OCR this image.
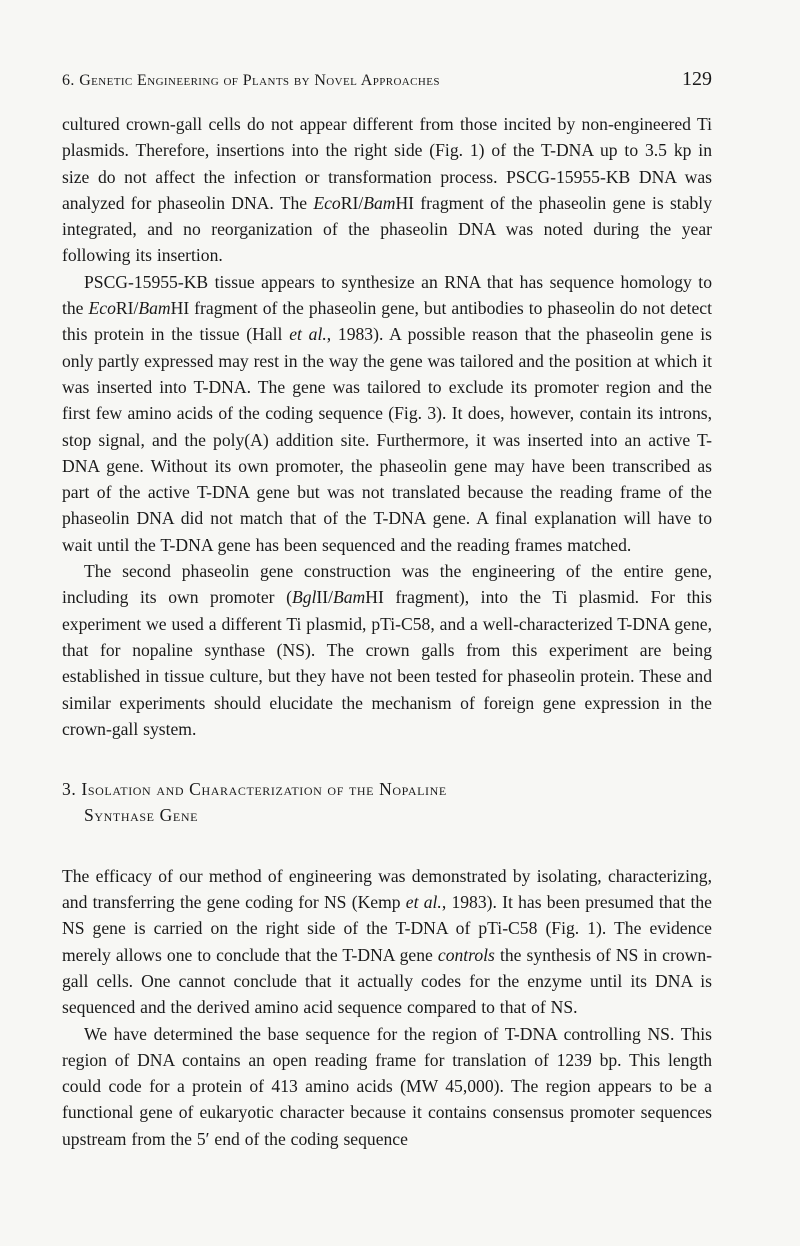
6. Genetic Engineering of Plants by Novel Approaches	129

cultured crown-gall cells do not appear different from those incited by non-engineered Ti plasmids. Therefore, insertions into the right side (Fig. 1) of the T-DNA up to 3.5 kp in size do not affect the infection or transformation process. PSCG-15955-KB DNA was analyzed for phaseolin DNA. The EcoRI/BamHI fragment of the phaseolin gene is stably integrated, and no reorganization of the phaseolin DNA was noted during the year following its insertion.

PSCG-15955-KB tissue appears to synthesize an RNA that has sequence homology to the EcoRI/BamHI fragment of the phaseolin gene, but antibodies to phaseolin do not detect this protein in the tissue (Hall et al., 1983). A possible reason that the phaseolin gene is only partly expressed may rest in the way the gene was tailored and the position at which it was inserted into T-DNA. The gene was tailored to exclude its promoter region and the first few amino acids of the coding sequence (Fig. 3). It does, however, contain its introns, stop signal, and the poly(A) addition site. Furthermore, it was inserted into an active T-DNA gene. Without its own promoter, the phaseolin gene may have been transcribed as part of the active T-DNA gene but was not translated because the reading frame of the phaseolin DNA did not match that of the T-DNA gene. A final explanation will have to wait until the T-DNA gene has been sequenced and the reading frames matched.

The second phaseolin gene construction was the engineering of the entire gene, including its own promoter (BglII/BamHI fragment), into the Ti plasmid. For this experiment we used a different Ti plasmid, pTi-C58, and a well-characterized T-DNA gene, that for nopaline synthase (NS). The crown galls from this experiment are being established in tissue culture, but they have not been tested for phaseolin protein. These and similar experiments should elucidate the mechanism of foreign gene expression in the crown-gall system.

3. Isolation and Characterization of the Nopaline
Synthase Gene

The efficacy of our method of engineering was demonstrated by isolating, characterizing, and transferring the gene coding for NS (Kemp et al., 1983). It has been presumed that the NS gene is carried on the right side of the T-DNA of pTi-C58 (Fig. 1). The evidence merely allows one to conclude that the T-DNA gene controls the synthesis of NS in crown-gall cells. One cannot conclude that it actually codes for the enzyme until its DNA is sequenced and the derived amino acid sequence compared to that of NS.

We have determined the base sequence for the region of T-DNA controlling NS. This region of DNA contains an open reading frame for translation of 1239 bp. This length could code for a protein of 413 amino acids (MW 45,000). The region appears to be a functional gene of eukaryotic character because it contains consensus promoter sequences upstream from the 5′ end of the coding sequence
